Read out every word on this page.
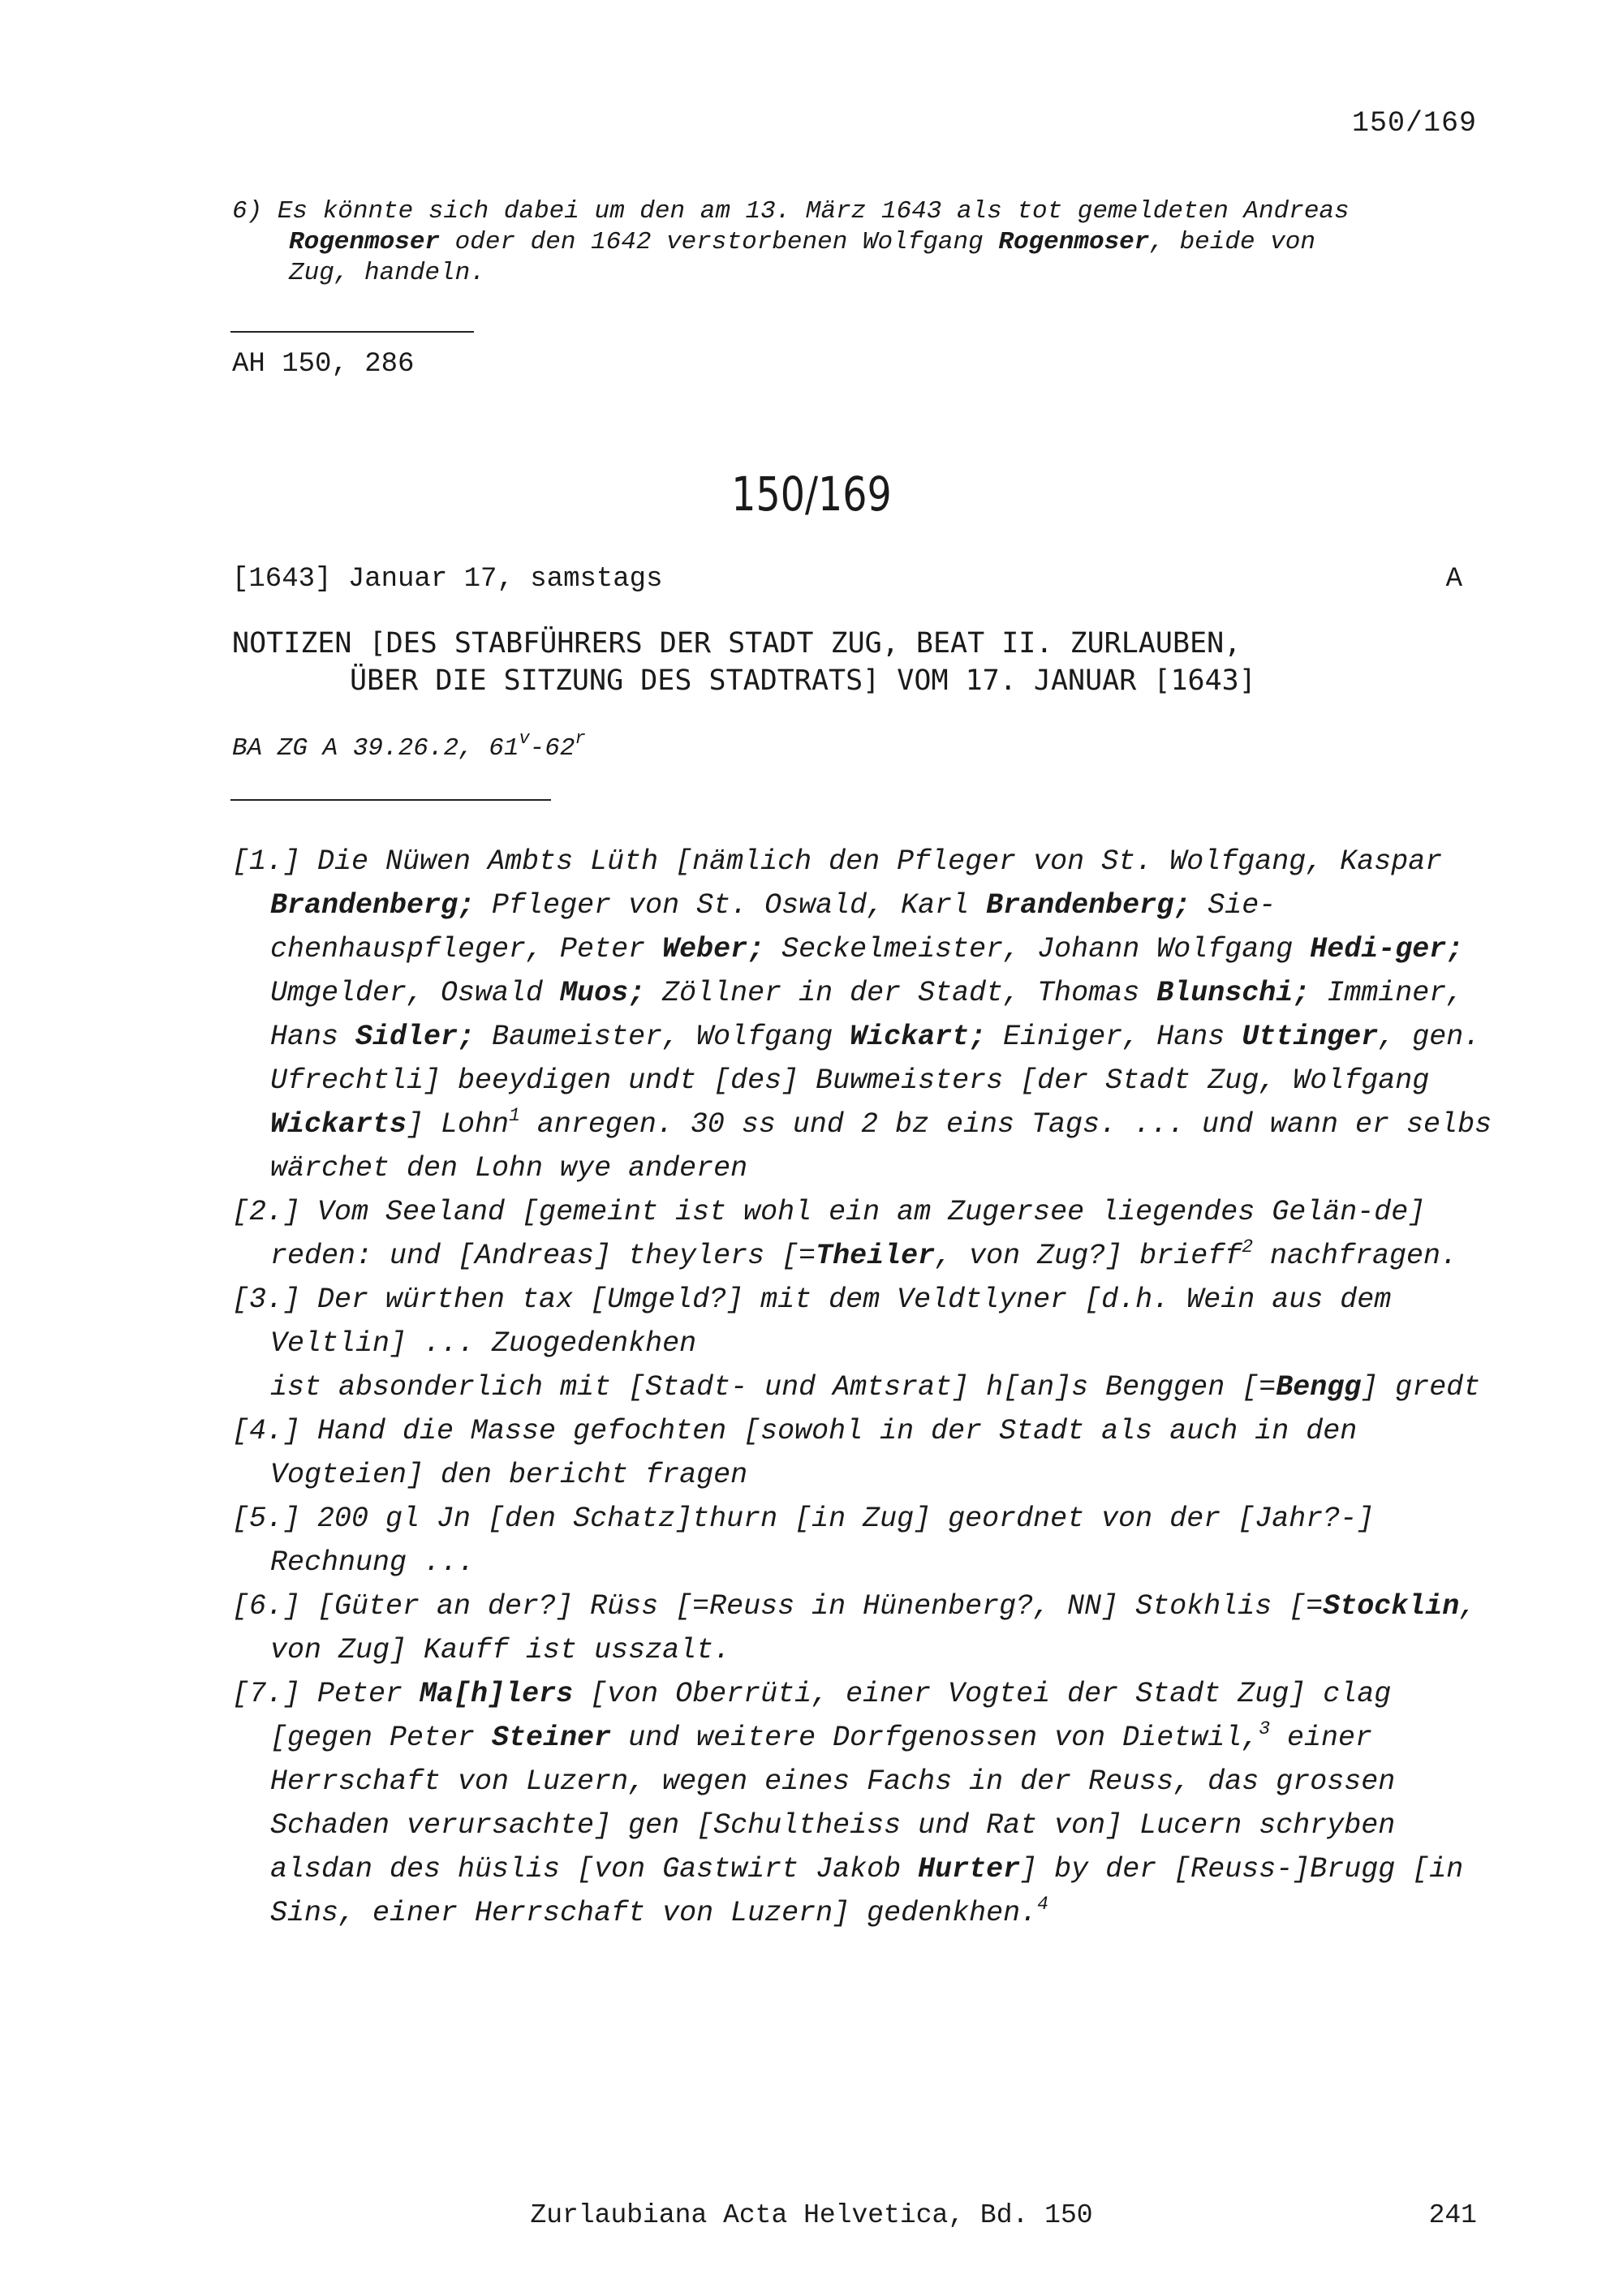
150/169
6) Es könnte sich dabei um den am 13. März 1643 als tot gemeldeten Andreas
Rogenmoser oder den 1642 verstorbenen Wolfgang Rogenmoser, beide von
Zug, handeln.
AH 150, 286
150/169
[1643] Januar 17, samstags	A
NOTIZEN [DES STABFÜHRERS DER STADT ZUG, BEAT II. ZURLAUBEN,
ÜBER DIE SITZUNG DES STADTRATS] VOM 17. JANUAR [1643]
BA ZG A 39.26.2, 61$^v$-62$^r$
[1.] Die Nüwen Ambts Lüth [nämlich den Pfleger von St. Wolfgang, Kaspar Brandenberg; Pfleger von St. Oswald, Karl Brandenberg; Sie-chenhauspfleger, Peter Weber; Seckelmeister, Johann Wolfgang Hedi-ger; Umgelder, Oswald Muos; Zöllner in der Stadt, Thomas Blunschi; Imminer, Hans Sidler; Baumeister, Wolfgang Wickart; Einiger, Hans Uttinger, gen. Ufrechtli] beeydigen undt [des] Buwmeisters [der Stadt Zug, Wolfgang Wickarts] Lohn$^1$ anregen. 30 ss und 2 bz eins Tags. ... und wann er selbs wärchet den Lohn wye anderen
[2.] Vom Seeland [gemeint ist wohl ein am Zugersee liegendes Gelän-de] reden: und [Andreas] theylers [=Theiler, von Zug?] brieff$^2$ nachfragen.
[3.] Der würthen tax [Umgeld?] mit dem Veldtlyner [d.h. Wein aus dem Veltlin] ... Zuogedenkhen
ist absonderlich mit [Stadt- und Amtsrat] h[an]s Benggen [=Bengg] gredt
[4.] Hand die Masse gefochten [sowohl in der Stadt als auch in den Vogteien] den bericht fragen
[5.] 200 gl Jn [den Schatz]thurn [in Zug] geordnet von der [Jahr?-] Rechnung ...
[6.] [Güter an der?] Rüss [=Reuss in Hünenberg?, NN] Stokhlis [=Stocklin, von Zug] Kauff ist usszalt.
[7.] Peter Ma[h]lers [von Oberrüti, einer Vogtei der Stadt Zug] clag [gegen Peter Steiner und weitere Dorfgenossen von Dietwil,$^3$ einer Herrschaft von Luzern, wegen eines Fachs in der Reuss, das grossen Schaden verursachte] gen [Schultheiss und Rat von] Lucern schryben alsdan des hüslis [von Gastwirt Jakob Hurter] by der [Reuss-]Brugg [in Sins, einer Herrschaft von Luzern] gedenkhen.$^4$
Zurlaubiana Acta Helvetica, Bd. 150	241
